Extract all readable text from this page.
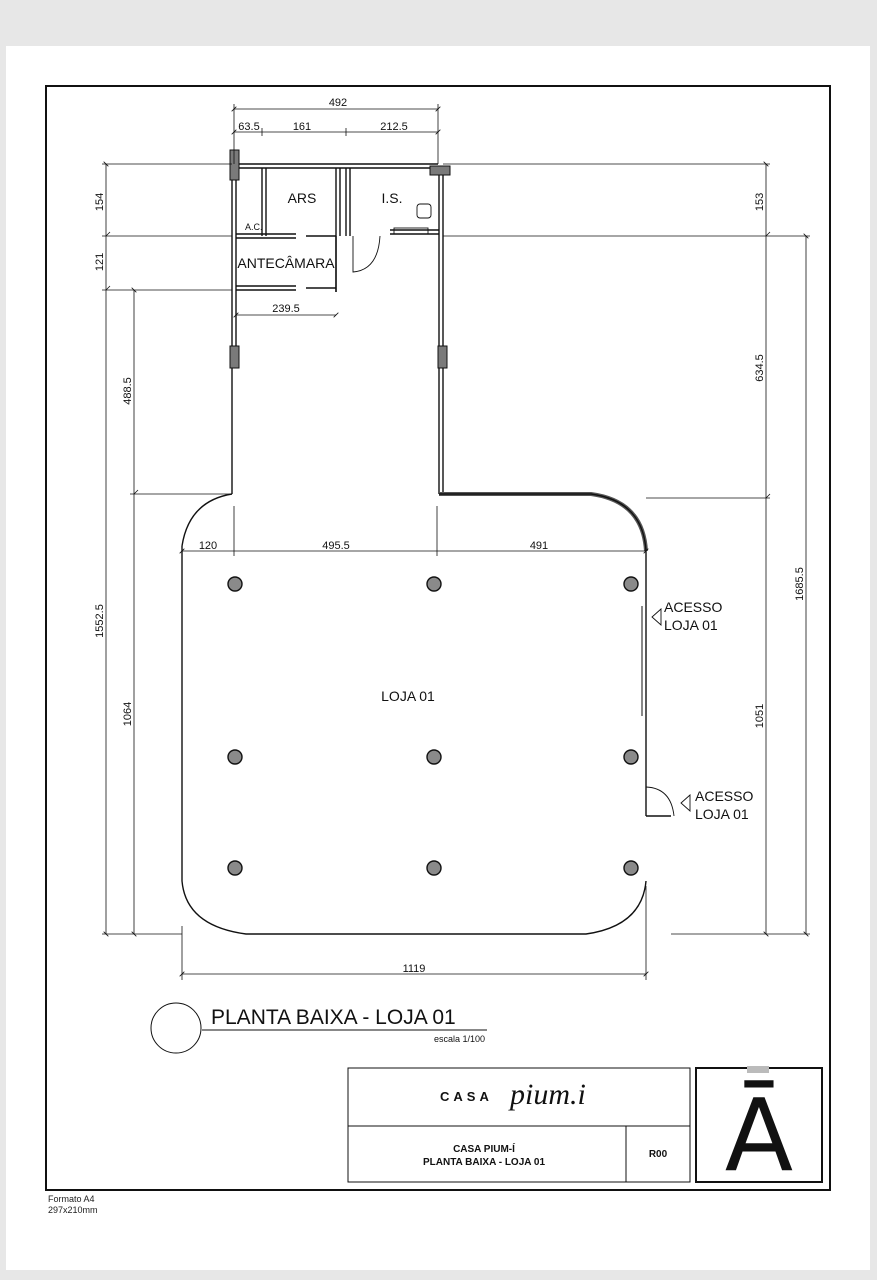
492
63.5	161	212.5
239.5
154
121
488.5
1552.5
1064
153
634.5
1685.5
1051
120	495.5	491
1119
ARS	I.S.
A.C.
ANTECÂMARA
LOJA 01
ACESSO
LOJA 01
ACESSO
LOJA 01
PLANTA BAIXA - LOJA 01
escala 1/100
CASA pium.i
CASA PIUM-Í
PLANTA BAIXA - LOJA 01
R00 Ā
Formato A4
297x210mm
